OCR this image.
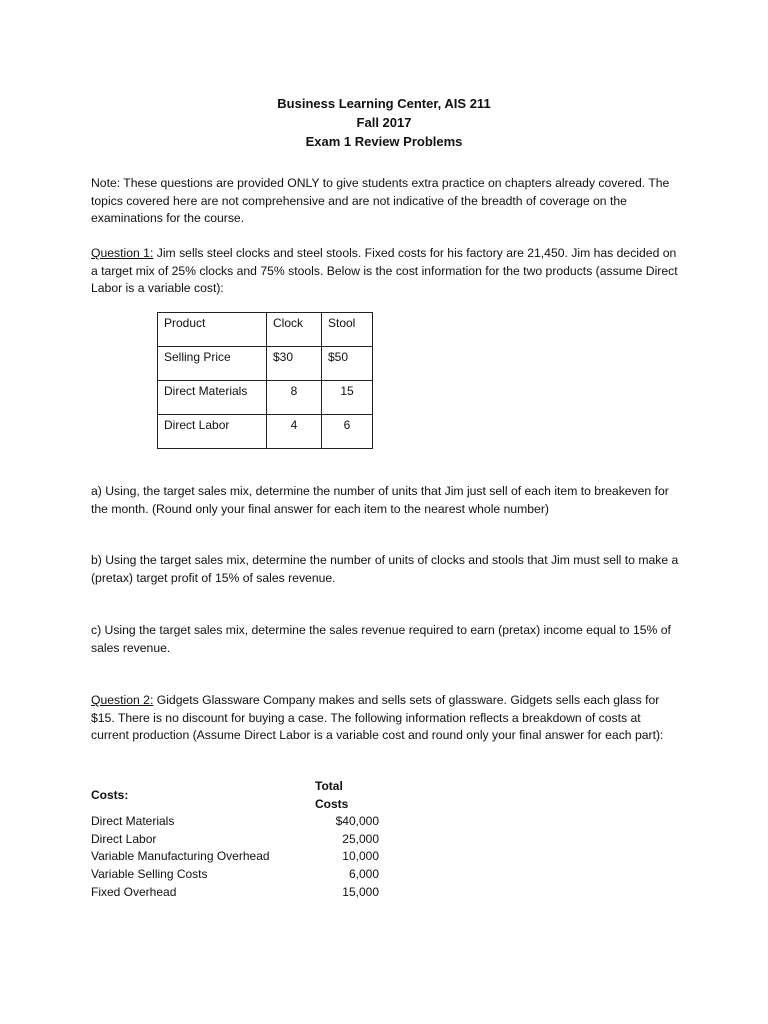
Business Learning Center, AIS 211
Fall 2017
Exam 1 Review Problems
Note: These questions are provided ONLY to give students extra practice on chapters already covered. The topics covered here are not comprehensive and are not indicative of the breadth of coverage on the examinations for the course.
Question 1: Jim sells steel clocks and steel stools. Fixed costs for his factory are 21,450. Jim has decided on a target mix of 25% clocks and 75% stools. Below is the cost information for the two products (assume Direct Labor is a variable cost):
Product	Clock	Stool
Selling Price	$30	$50
Direct Materials	8	15
Direct Labor	4	6
a) Using, the target sales mix, determine the number of units that Jim just sell of each item to breakeven for the month. (Round only your final answer for each item to the nearest whole number)
b) Using the target sales mix, determine the number of units of clocks and stools that Jim must sell to make a (pretax) target profit of 15% of sales revenue.
c) Using the target sales mix, determine the sales revenue required to earn (pretax) income equal to 15% of sales revenue.
Question 2: Gidgets Glassware Company makes and sells sets of glassware. Gidgets sells each glass for $15. There is no discount for buying a case. The following information reflects a breakdown of costs at current production (Assume Direct Labor is a variable cost and round only your final answer for each part):
Costs:	Total Costs
Direct Materials	$40,000
Direct Labor	25,000
Variable Manufacturing Overhead	10,000
Variable Selling Costs	6,000
Fixed Overhead	15,000
